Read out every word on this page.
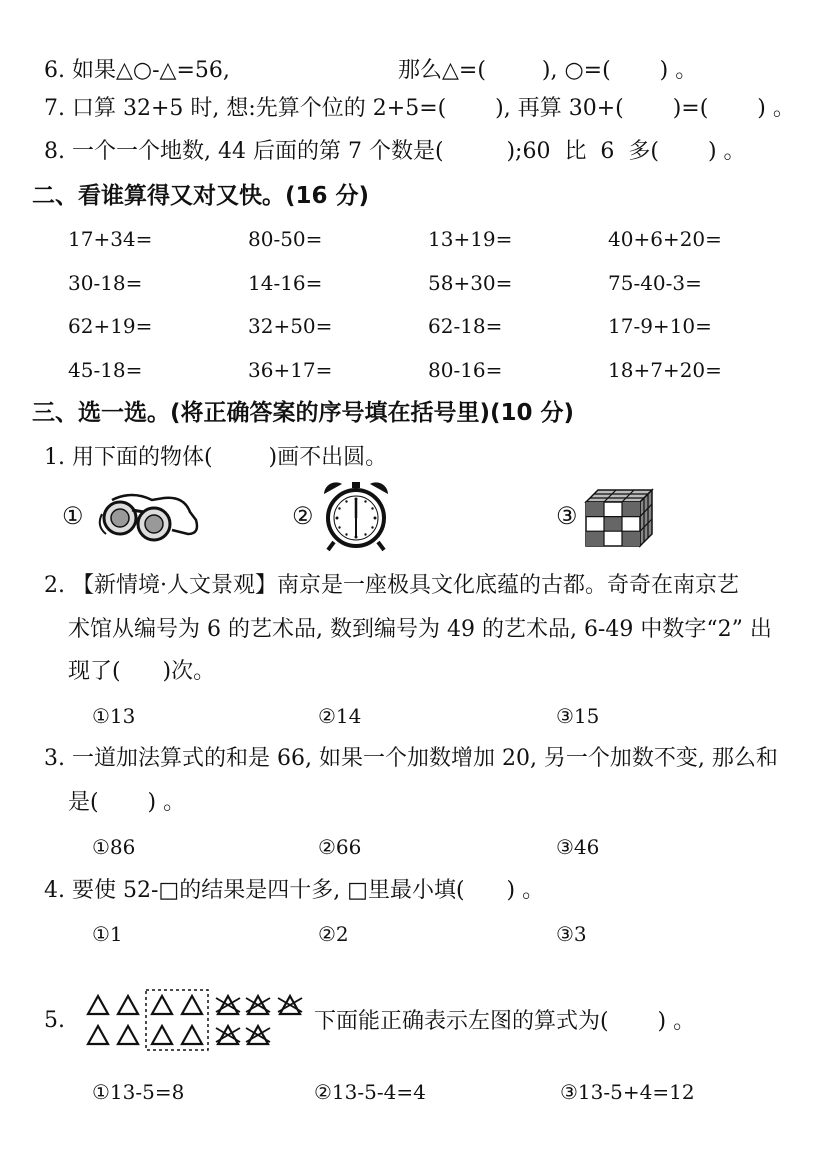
6. 如果△○-△=56,	那么△=(        ), ○=(       ) 。
7. 口算 32+5 时, 想:先算个位的 2+5=(       ), 再算 30+(       )=(       ) 。
8. 一个一个地数, 44 后面的第 7 个数是(         );60  比  6  多(       ) 。
二、看谁算得又对又快。(16 分)
17+34=	80-50=	13+19=	40+6+20=
30-18=	14-16=	58+30=	75-40-3=
62+19=	32+50=	62-18=	17-9+10=
45-18=	36+17=	80-16=	18+7+20=
三、选一选。(将正确答案的序号填在括号里)(10 分)
1. 用下面的物体(        )画不出圆。
①	②	③
2. 【新情境·人文景观】南京是一座极具文化底蕴的古都。奇奇在南京艺
术馆从编号为 6 的艺术品, 数到编号为 49 的艺术品, 6-49 中数字“2” 出
现了(      )次。
①13	②14	③15
3. 一道加法算式的和是 66, 如果一个加数增加 20, 另一个加数不变, 那么和
是(       ) 。
①86	②66	③46
4. 要使 52-□的结果是四十多, □里最小填(      ) 。
①1	②2	③3
5.	下面能正确表示左图的算式为(       ) 。
①13-5=8	②13-5-4=4	③13-5+4=12
